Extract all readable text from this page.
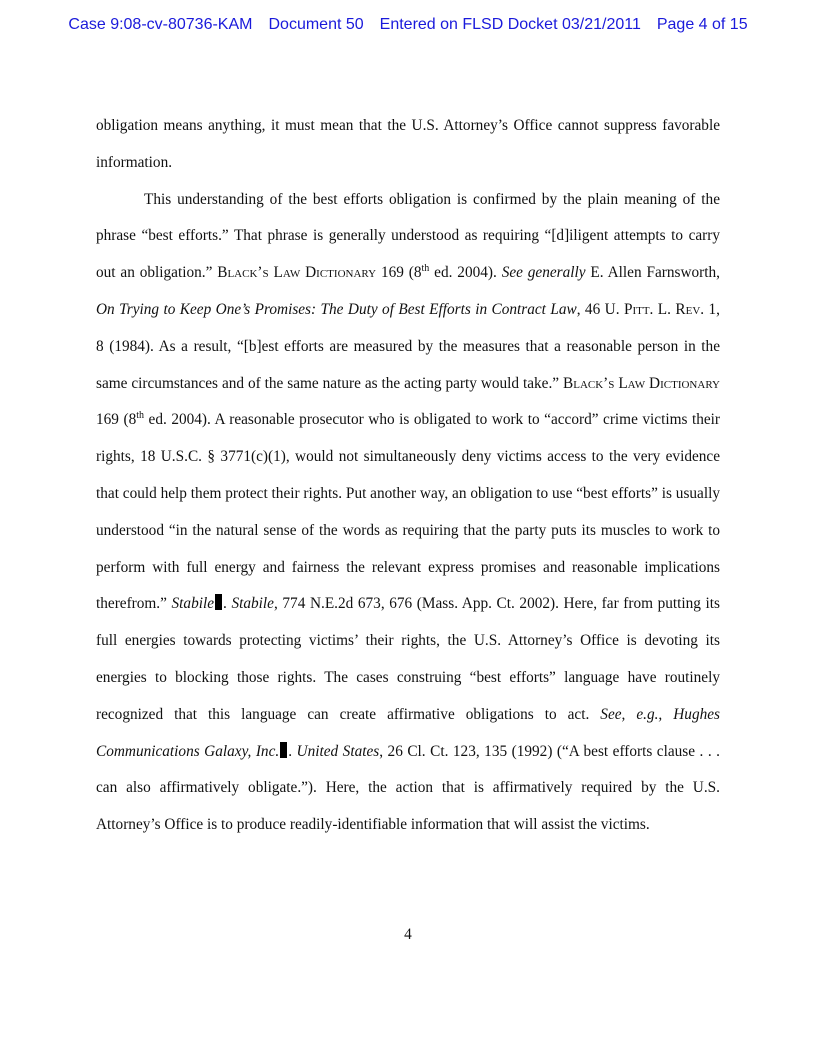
Case 9:08-cv-80736-KAM Document 50 Entered on FLSD Docket 03/21/2011 Page 4 of 15

obligation means anything, it must mean that the U.S. Attorney’s Office cannot suppress favorable information.

This understanding of the best efforts obligation is confirmed by the plain meaning of the phrase “best efforts.” That phrase is generally understood as requiring “[d]iligent attempts to carry out an obligation.” Black’s Law Dictionary 169 (8th ed. 2004). See generally E. Allen Farnsworth, On Trying to Keep One’s Promises: The Duty of Best Efforts in Contract Law, 46 U. Pitt. L. Rev. 1, 8 (1984). As a result, “[b]est efforts are measured by the measures that a reasonable person in the same circumstances and of the same nature as the acting party would take.” Black’s Law Dictionary 169 (8th ed. 2004). A reasonable prosecutor who is obligated to work to “accord” crime victims their rights, 18 U.S.C. § 3771(c)(1), would not simultaneously deny victims access to the very evidence that could help them protect their rights. Put another way, an obligation to use “best efforts” is usually understood “in the natural sense of the words as requiring that the party puts its muscles to work to perform with full energy and fairness the relevant express promises and reasonable implications therefrom.” Stabile . Stabile, 774 N.E.2d 673, 676 (Mass. App. Ct. 2002). Here, far from putting its full energies towards protecting victims’ their rights, the U.S. Attorney’s Office is devoting its energies to blocking those rights. The cases construing “best efforts” language have routinely recognized that this language can create affirmative obligations to act. See, e.g., Hughes Communications Galaxy, Inc. . United States, 26 Cl. Ct. 123, 135 (1992) (“A best efforts clause . . . can also affirmatively obligate.”). Here, the action that is affirmatively required by the U.S. Attorney’s Office is to produce readily-identifiable information that will assist the victims.

4
